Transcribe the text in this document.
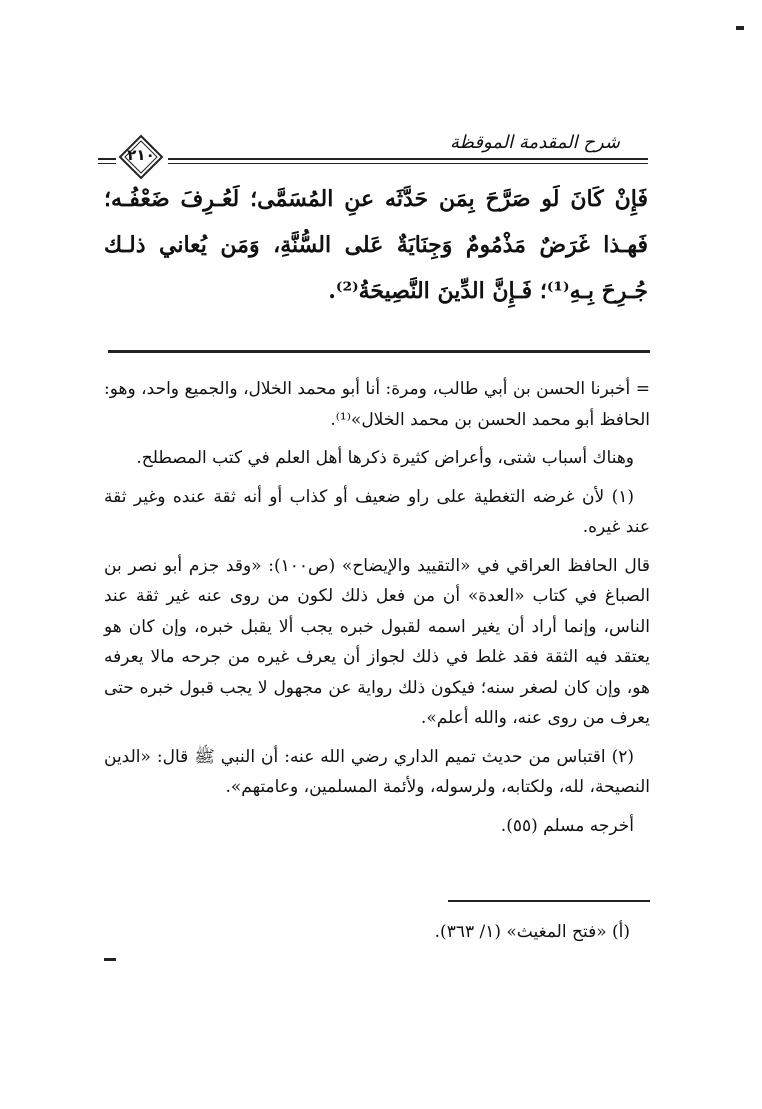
٢١٠
شرح المقدمة الموقظة

فَإِنْ كَانَ لَو صَرَّحَ بِمَن حَدَّثَه عنِ المُسَمَّى؛ لَعُـرِفَ ضَعْفُـه؛ فَهـذا غَرَضٌ مَذْمُومٌ وَجِنَايَةٌ عَلى السُّنَّةِ، وَمَن يُعاني ذلـك جُـرِحَ بِـهِ⁽¹⁾؛ فَـإِنَّ الدِّينَ النَّصِيحَةُ⁽²⁾.

= أخبرنا الحسن بن أبي طالب، ومرة: أنا أبو محمد الخلال، والجميع واحد، وهو: الحافظ أبو محمد الحسن بن محمد الخلال»⁽¹⁾.

وهناك أسباب شتى، وأعراض كثيرة ذكرها أهل العلم في كتب المصطلح.

(١) لأن غرضه التغطية على راو ضعيف أو كذاب أو أنه ثقة عنده وغير ثقة عند غيره.

قال الحافظ العراقي في «التقييد والإيضاح» (ص١٠٠): «وقد جزم أبو نصر بن الصباغ في كتاب «العدة» أن من فعل ذلك لكون من روى عنه غير ثقة عند الناس، وإنما أراد أن يغير اسمه لقبول خبره يجب ألا يقبل خبره، وإن كان هو يعتقد فيه الثقة فقد غلط في ذلك لجواز أن يعرف غيره من جرحه مالا يعرفه هو، وإن كان لصغر سنه؛ فيكون ذلك رواية عن مجهول لا يجب قبول خبره حتى يعرف من روى عنه، والله أعلم».

(٢) اقتباس من حديث تميم الداري رضي الله عنه: أن النبي ﷺ قال: «الدين النصيحة، لله، ولكتابه، ولرسوله، ولأئمة المسلمين، وعامتهم».

أخرجه مسلم (٥٥).

(أ) «فتح المغيث» (١/ ٣٦٣).
